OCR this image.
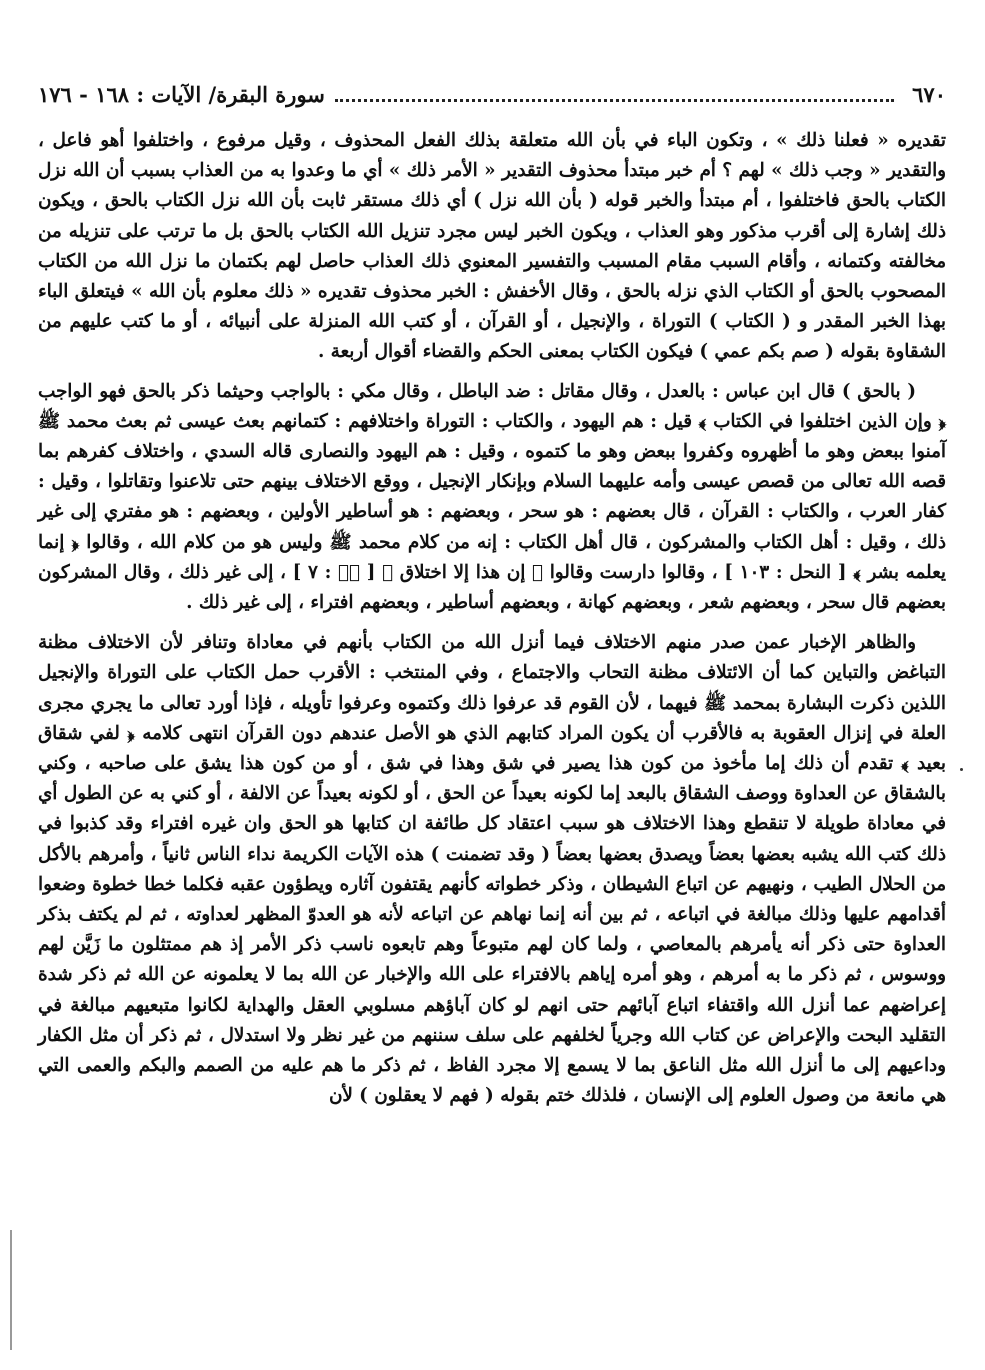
٦٧٠
سورة البقرة/ الآيات : ١٦٨ - ١٧٦

تقديره « فعلنا ذلك » ، وتكون الباء في بأن الله متعلقة بذلك الفعل المحذوف ، وقيل مرفوع ، واختلفوا أهو فاعل ، والتقدير « وجب ذلك » لهم ؟ أم خبر مبتدأ محذوف التقدير « الأمر ذلك » أي ما وعدوا به من العذاب بسبب أن الله نزل الكتاب بالحق فاختلفوا ، أم مبتدأ والخبر قوله ( بأن الله نزل ) أي ذلك مستقر ثابت بأن الله نزل الكتاب بالحق ، ويكون ذلك إشارة إلى أقرب مذكور وهو العذاب ، ويكون الخبر ليس مجرد تنزيل الله الكتاب بالحق بل ما ترتب على تنزيله من مخالفته وكتمانه ، وأقام السبب مقام المسبب والتفسير المعنوي ذلك العذاب حاصل لهم بكتمان ما نزل الله من الكتاب المصحوب بالحق أو الكتاب الذي نزله بالحق ، وقال الأخفش : الخبر محذوف تقديره « ذلك معلوم بأن الله » فيتعلق الباء بهذا الخبر المقدر و ( الكتاب ) التوراة ، والإنجيل ، أو القرآن ، أو كتب الله المنزلة على أنبيائه ، أو ما كتب عليهم من الشقاوة بقوله ( صم بكم عمي ) فيكون الكتاب بمعنى الحكم والقضاء أقوال أربعة .

( بالحق ) قال ابن عباس : بالعدل ، وقال مقاتل : ضد الباطل ، وقال مكي : بالواجب وحيثما ذكر بالحق فهو الواجب ﴿ وإن الذين اختلفوا في الكتاب ﴾ قيل : هم اليهود ، والكتاب : التوراة واختلافهم : كتمانهم بعث عيسى ثم بعث محمد ﷺ آمنوا ببعض وهو ما أظهروه وكفروا ببعض وهو ما كتموه ، وقيل : هم اليهود والنصارى قاله السدي ، واختلاف كفرهم بما قصه الله تعالى من قصص عيسى وأمه عليهما السلام وبإنكار الإنجيل ، ووقع الاختلاف بينهم حتى تلاعنوا وتقاتلوا ، وقيل : كفار العرب ، والكتاب : القرآن ، قال بعضهم : هو سحر ، وبعضهم : هو أساطير الأولين ، وبعضهم : هو مفتري إلى غير ذلك ، وقيل : أهل الكتاب والمشركون ، قال أهل الكتاب : إنه من كلام محمد ﷺ وليس هو من كلام الله ، وقالوا ﴿ إنما يعلمه بشر ﴾ [ النحل : ١٠٣ ] ، وقالوا دارست وقالوا ﴿ إن هذا إلا اختلاق ﴾ [ صۤ : ٧ ] ، إلى غير ذلك ، وقال المشركون بعضهم قال سحر ، وبعضهم شعر ، وبعضهم كهانة ، وبعضهم أساطير ، وبعضهم افتراء ، إلى غير ذلك .

والظاهر الإخبار عمن صدر منهم الاختلاف فيما أنزل الله من الكتاب بأنهم في معاداة وتنافر لأن الاختلاف مظنة التباغض والتباين كما أن الائتلاف مظنة التحاب والاجتماع ، وفي المنتخب : الأقرب حمل الكتاب على التوراة والإنجيل اللذين ذكرت البشارة بمحمد ﷺ فيهما ، لأن القوم قد عرفوا ذلك وكتموه وعرفوا تأويله ، فإذا أورد تعالى ما يجري مجرى العلة في إنزال العقوبة به فالأقرب أن يكون المراد كتابهم الذي هو الأصل عندهم دون القرآن انتهى كلامه ﴿ لفي شقاق بعيد ﴾ تقدم أن ذلك إما مأخوذ من كون هذا يصير في شق وهذا في شق ، أو من كون هذا يشق على صاحبه ، وكني بالشقاق عن العداوة ووصف الشقاق بالبعد إما لكونه بعيداً عن الحق ، أو لكونه بعيداً عن الالفة ، أو كني به عن الطول أي في معاداة طويلة لا تنقطع وهذا الاختلاف هو سبب اعتقاد كل طائفة ان كتابها هو الحق وان غيره افتراء وقد كذبوا في ذلك كتب الله يشبه بعضها بعضاً ويصدق بعضها بعضاً ( وقد تضمنت ) هذه الآيات الكريمة نداء الناس ثانياً ، وأمرهم بالأكل من الحلال الطيب ، ونهيهم عن اتباع الشيطان ، وذكر خطواته كأنهم يقتفون آثاره ويطؤون عقبه فكلما خطا خطوة وضعوا أقدامهم عليها وذلك مبالغة في اتباعه ، ثم بين أنه إنما نهاهم عن اتباعه لأنه هو العدوّ المظهر لعداوته ، ثم لم يكتف بذكر العداوة حتى ذكر أنه يأمرهم بالمعاصي ، ولما كان لهم متبوعاً وهم تابعوه ناسب ذكر الأمر إذ هم ممتثلون ما زَيَّن لهم ووسوس ، ثم ذكر ما به أمرهم ، وهو أمره إياهم بالافتراء على الله والإخبار عن الله بما لا يعلمونه عن الله ثم ذكر شدة إعراضهم عما أنزل الله واقتفاء اتباع آبائهم حتى انهم لو كان آباؤهم مسلوبي العقل والهداية لكانوا متبعيهم مبالغة في التقليد البحت والإعراض عن كتاب الله وجرياً لخلفهم على سلف سننهم من غير نظر ولا استدلال ، ثم ذكر أن مثل الكفار وداعيهم إلى ما أنزل الله مثل الناعق بما لا يسمع إلا مجرد الفاظ ، ثم ذكر ما هم عليه من الصمم والبكم والعمى التي هي مانعة من وصول العلوم إلى الإنسان ، فلذلك ختم بقوله ( فهم لا يعقلون ) لأن
